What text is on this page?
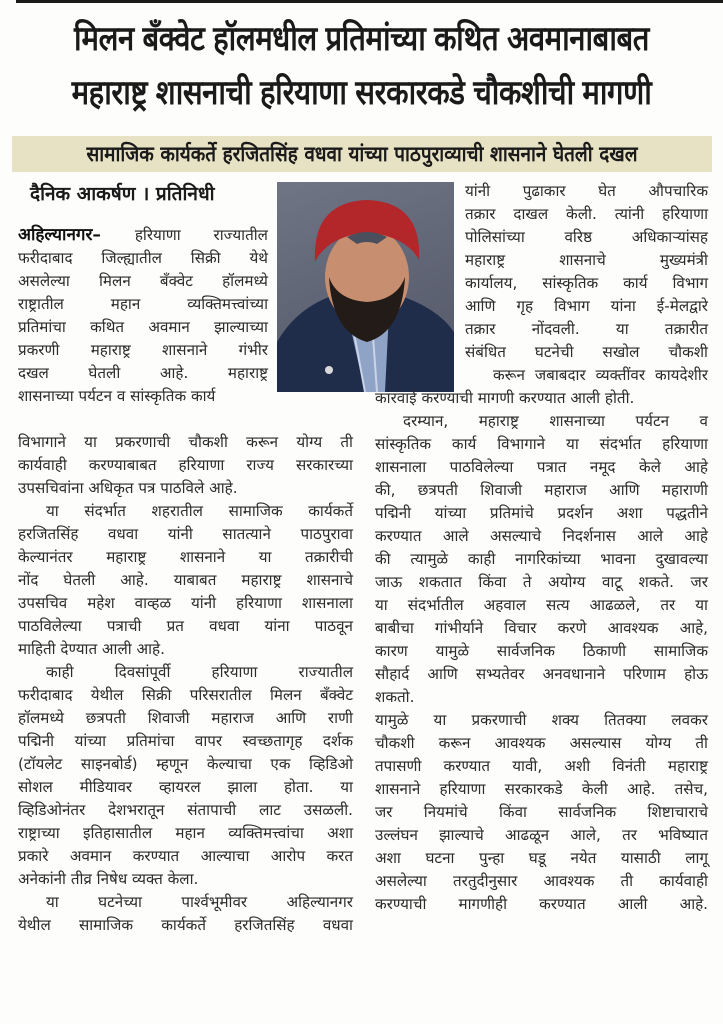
मिलन बँक्वेट हॉलमधील प्रतिमांच्या कथित अवमानाबाबत
महाराष्ट्र शासनाची हरियाणा सरकारकडे चौकशीची मागणी
सामाजिक कार्यकर्ते हरजितसिंह वधवा यांच्या पाठपुराव्याची शासनाने घेतली दखल
दैनिक आकर्षण । प्रतिनिधी
अहिल्यानगर– हरियाणा राज्यातील
फरीदाबाद जिल्ह्यातील सिक्री येथे
असलेल्या मिलन बँक्वेट हॉलमध्ये
राष्ट्रातील महान व्यक्तिमत्त्वांच्या
प्रतिमांचा कथित अवमान झाल्याच्या
प्रकरणी महाराष्ट्र शासनाने गंभीर
दखल घेतली आहे. महाराष्ट्र
शासनाच्या पर्यटन व सांस्कृतिक कार्य
विभागाने या प्रकरणाची चौकशी करून योग्य ती
कार्यवाही करण्याबाबत हरियाणा राज्य सरकारच्या
उपसचिवांना अधिकृत पत्र पाठविले आहे.
या संदर्भात शहरातील सामाजिक कार्यकर्ते
हरजितसिंह वधवा यांनी सातत्याने पाठपुरावा
केल्यानंतर महाराष्ट्र शासनाने या तक्रारीची
नोंद घेतली आहे. याबाबत महाराष्ट्र शासनाचे
उपसचिव महेश वाव्हळ यांनी हरियाणा शासनाला
पाठविलेल्या पत्राची प्रत वधवा यांना पाठवून
माहिती देण्यात आली आहे.
काही दिवसांपूर्वी हरियाणा राज्यातील
फरीदाबाद येथील सिक्री परिसरातील मिलन बँक्वेट
हॉलमध्ये छत्रपती शिवाजी महाराज आणि राणी
पद्मिनी यांच्या प्रतिमांचा वापर स्वच्छतागृह दर्शक
(टॉयलेट साइनबोर्ड) म्हणून केल्याचा एक व्हिडिओ
सोशल मीडियावर व्हायरल झाला होता. या
व्हिडिओनंतर देशभरातून संतापाची लाट उसळली.
राष्ट्राच्या इतिहासातील महान व्यक्तिमत्त्वांचा अशा
प्रकारे अवमान करण्यात आल्याचा आरोप करत
अनेकांनी तीव्र निषेध व्यक्त केला.
या घटनेच्या पार्श्वभूमीवर अहिल्यानगर
येथील सामाजिक कार्यकर्ते हरजितसिंह वधवा
यांनी पुढाकार घेत औपचारिक
तक्रार दाखल केली. त्यांनी हरियाणा
पोलिसांच्या वरिष्ठ अधिकाऱ्यांसह
महाराष्ट्र शासनाचे मुख्यमंत्री
कार्यालय, सांस्कृतिक कार्य विभाग
आणि गृह विभाग यांना ई-मेलद्वारे
तक्रार नोंदवली. या तक्रारीत
संबंधित घटनेची सखोल चौकशी
करून जबाबदार व्यक्तींवर कायदेशीर
कारवाई करण्याची मागणी करण्यात आली होती.
दरम्यान, महाराष्ट्र शासनाच्या पर्यटन व
सांस्कृतिक कार्य विभागाने या संदर्भात हरियाणा
शासनाला पाठविलेल्या पत्रात नमूद केले आहे
की, छत्रपती शिवाजी महाराज आणि महाराणी
पद्मिनी यांच्या प्रतिमांचे प्रदर्शन अशा पद्धतीने
करण्यात आले असल्याचे निदर्शनास आले आहे
की त्यामुळे काही नागरिकांच्या भावना दुखावल्या
जाऊ शकतात किंवा ते अयोग्य वाटू शकते. जर
या संदर्भातील अहवाल सत्य आढळले, तर या
बाबीचा गांभीर्याने विचार करणे आवश्यक आहे,
कारण यामुळे सार्वजनिक ठिकाणी सामाजिक
सौहार्द आणि सभ्यतेवर अनवधानाने परिणाम होऊ
शकतो.
यामुळे या प्रकरणाची शक्य तितक्या लवकर
चौकशी करून आवश्यक असल्यास योग्य ती
तपासणी करण्यात यावी, अशी विनंती महाराष्ट्र
शासनाने हरियाणा सरकारकडे केली आहे. तसेच,
जर नियमांचे किंवा सार्वजनिक शिष्टाचाराचे
उल्लंघन झाल्याचे आढळून आले, तर भविष्यात
अशा घटना पुन्हा घडू नयेत यासाठी लागू
असलेल्या तरतुदीनुसार आवश्यक ती कार्यवाही
करण्याची मागणीही करण्यात आली आहे.
